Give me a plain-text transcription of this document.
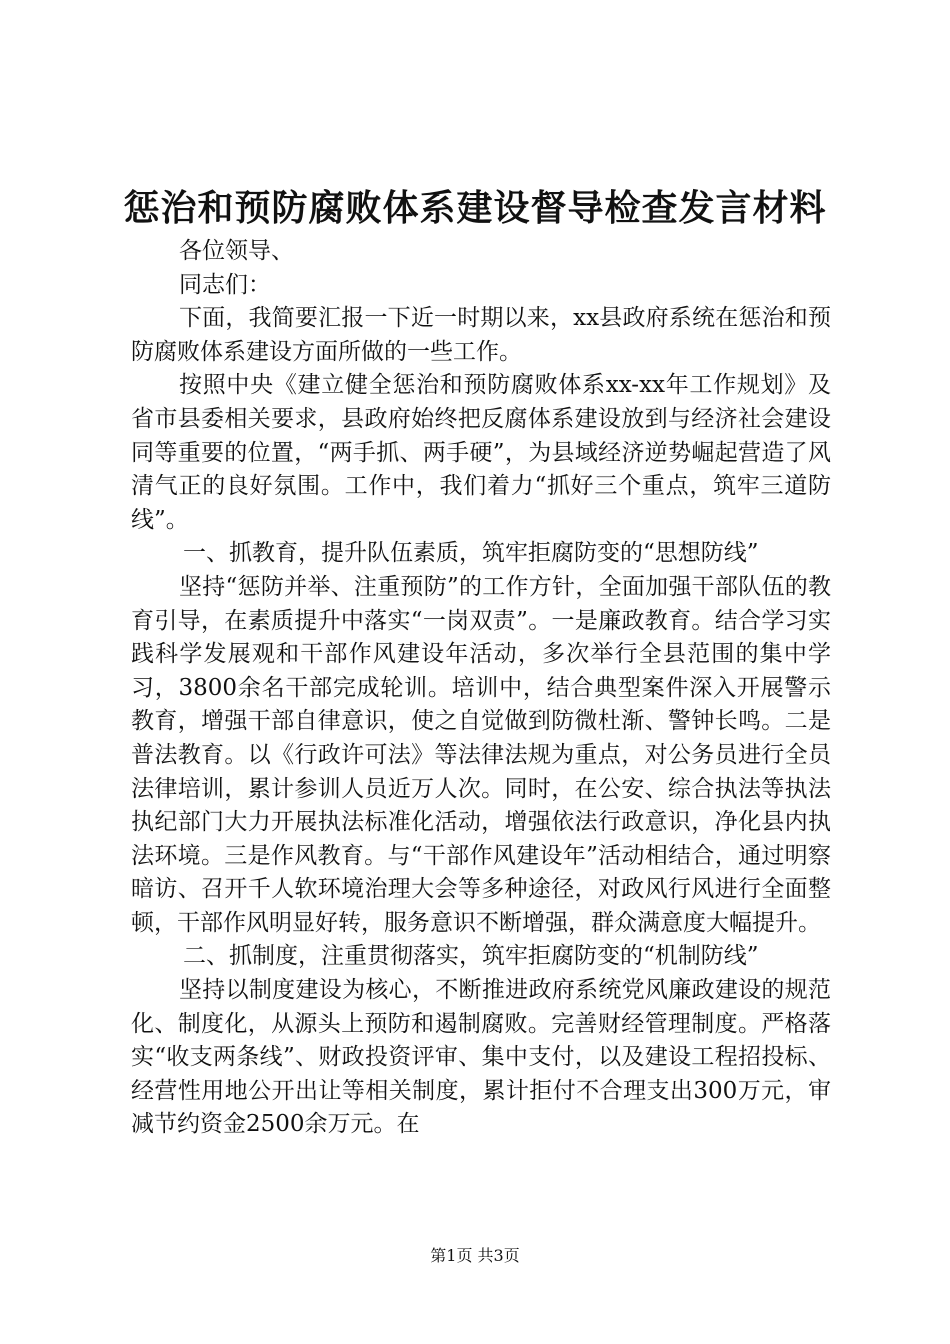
惩治和预防腐败体系建设督导检查发言材料

各位领导、

同志们：

下面，我简要汇报一下近一时期以来，xx县政府系统在惩治和预防腐败体系建设方面所做的一些工作。

按照中央《建立健全惩治和预防腐败体系xx-xx年工作规划》及省市县委相关要求，县政府始终把反腐体系建设放到与经济社会建设同等重要的位置，“两手抓、两手硬”，为县域经济逆势崛起营造了风清气正的良好氛围。工作中，我们着力“抓好三个重点，筑牢三道防线”。

一、抓教育，提升队伍素质，筑牢拒腐防变的“思想防线”

坚持“惩防并举、注重预防”的工作方针，全面加强干部队伍的教育引导，在素质提升中落实“一岗双责”。一是廉政教育。结合学习实践科学发展观和干部作风建设年活动，多次举行全县范围的集中学习，3800余名干部完成轮训。培训中，结合典型案件深入开展警示教育，增强干部自律意识，使之自觉做到防微杜渐、警钟长鸣。二是普法教育。以《行政许可法》等法律法规为重点，对公务员进行全员法律培训，累计参训人员近万人次。同时，在公安、综合执法等执法执纪部门大力开展执法标准化活动，增强依法行政意识，净化县内执法环境。三是作风教育。与“干部作风建设年”活动相结合，通过明察暗访、召开千人软环境治理大会等多种途径，对政风行风进行全面整顿，干部作风明显好转，服务意识不断增强，群众满意度大幅提升。

二、抓制度，注重贯彻落实，筑牢拒腐防变的“机制防线”

坚持以制度建设为核心，不断推进政府系统党风廉政建设的规范化、制度化，从源头上预防和遏制腐败。完善财经管理制度。严格落实“收支两条线”、财政投资评审、集中支付，以及建设工程招投标、经营性用地公开出让等相关制度，累计拒付不合理支出300万元，审减节约资金2500余万元。在

第1页 共3页
